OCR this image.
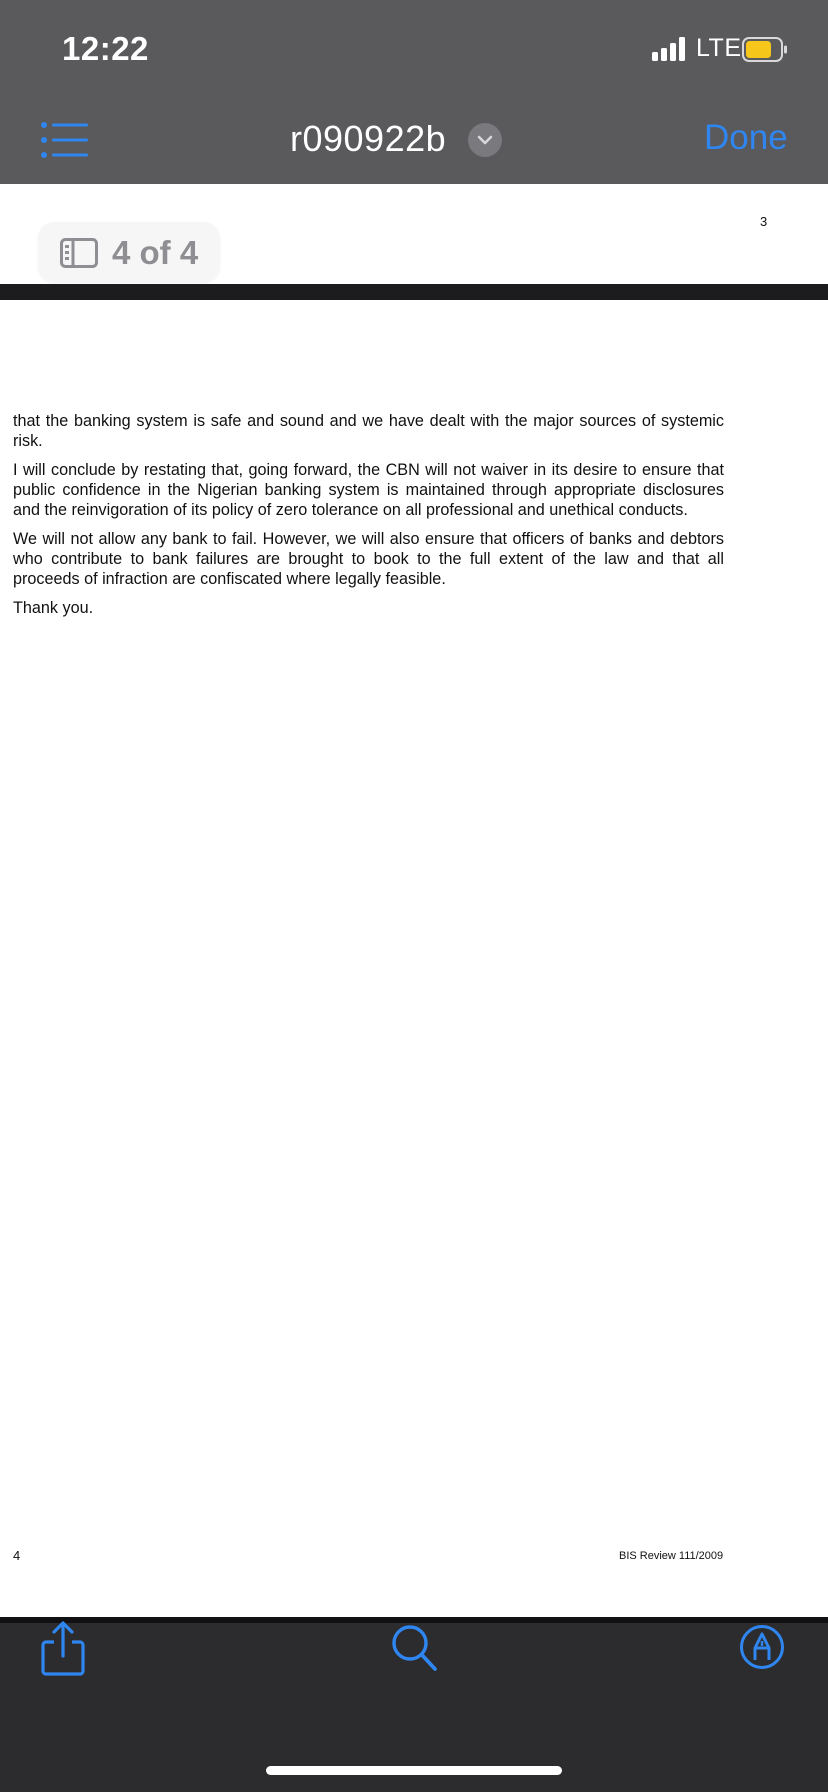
12:22	LTE
r090922b	Done
3
4 of 4

that the banking system is safe and sound and we have dealt with the major sources of systemic risk.

I will conclude by restating that, going forward, the CBN will not waiver in its desire to ensure that public confidence in the Nigerian banking system is maintained through appropriate disclosures and the reinvigoration of its policy of zero tolerance on all professional and unethical conducts.

We will not allow any bank to fail. However, we will also ensure that officers of banks and debtors who contribute to bank failures are brought to book to the full extent of the law and that all proceeds of infraction are confiscated where legally feasible.

Thank you.

4	BIS Review 111/2009
